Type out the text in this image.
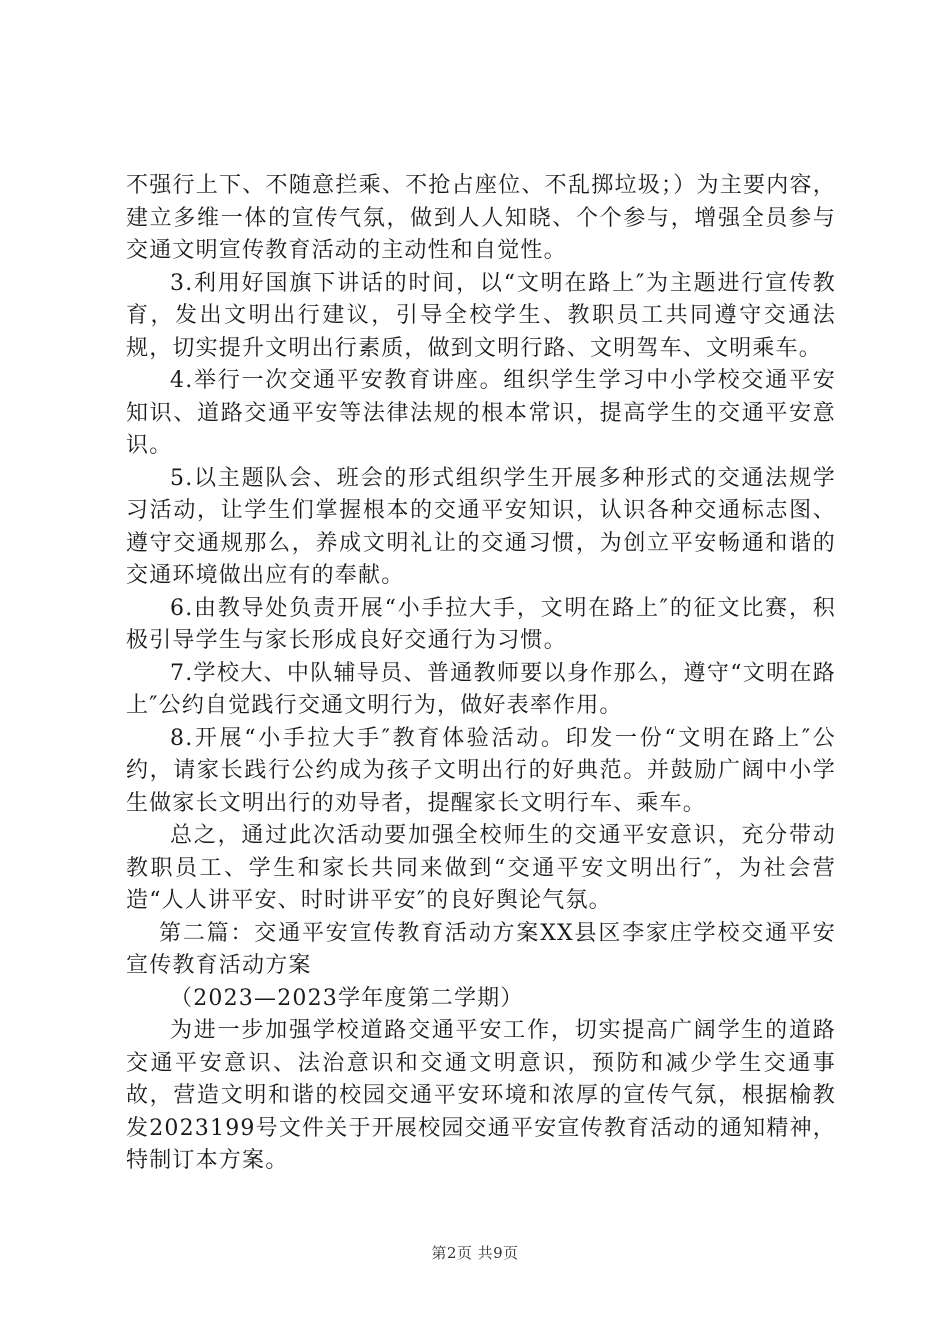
不强行上下、不随意拦乘、不抢占座位、不乱掷垃圾；）为主要内容，建立多维一体的宣传气氛，做到人人知晓、个个参与，增强全员参与交通文明宣传教育活动的主动性和自觉性。

3.利用好国旗下讲话的时间，以“文明在路上″为主题进行宣传教育，发出文明出行建议，引导全校学生、教职员工共同遵守交通法规，切实提升文明出行素质，做到文明行路、文明驾车、文明乘车。

4.举行一次交通平安教育讲座。组织学生学习中小学校交通平安知识、道路交通平安等法律法规的根本常识，提高学生的交通平安意识。

5.以主题队会、班会的形式组织学生开展多种形式的交通法规学习活动，让学生们掌握根本的交通平安知识，认识各种交通标志图、遵守交通规那么，养成文明礼让的交通习惯，为创立平安畅通和谐的交通环境做出应有的奉献。

6.由教导处负责开展“小手拉大手，文明在路上″的征文比赛，积极引导学生与家长形成良好交通行为习惯。

7.学校大、中队辅导员、普通教师要以身作那么，遵守“文明在路上″公约自觉践行交通文明行为，做好表率作用。

8.开展“小手拉大手″教育体验活动。印发一份“文明在路上″公约，请家长践行公约成为孩子文明出行的好典范。并鼓励广阔中小学生做家长文明出行的劝导者，提醒家长文明行车、乘车。

总之，通过此次活动要加强全校师生的交通平安意识，充分带动教职员工、学生和家长共同来做到“交通平安文明出行″，为社会营造“人人讲平安、时时讲平安″的良好舆论气氛。

第二篇：交通平安宣传教育活动方案XX县区李家庄学校交通平安宣传教育活动方案

（2023—2023学年度第二学期）

为进一步加强学校道路交通平安工作，切实提高广阔学生的道路交通平安意识、法治意识和交通文明意识，预防和减少学生交通事故，营造文明和谐的校园交通平安环境和浓厚的宣传气氛，根据榆教发2023199号文件关于开展校园交通平安宣传教育活动的通知精神，特制订本方案。

第2页 共9页
